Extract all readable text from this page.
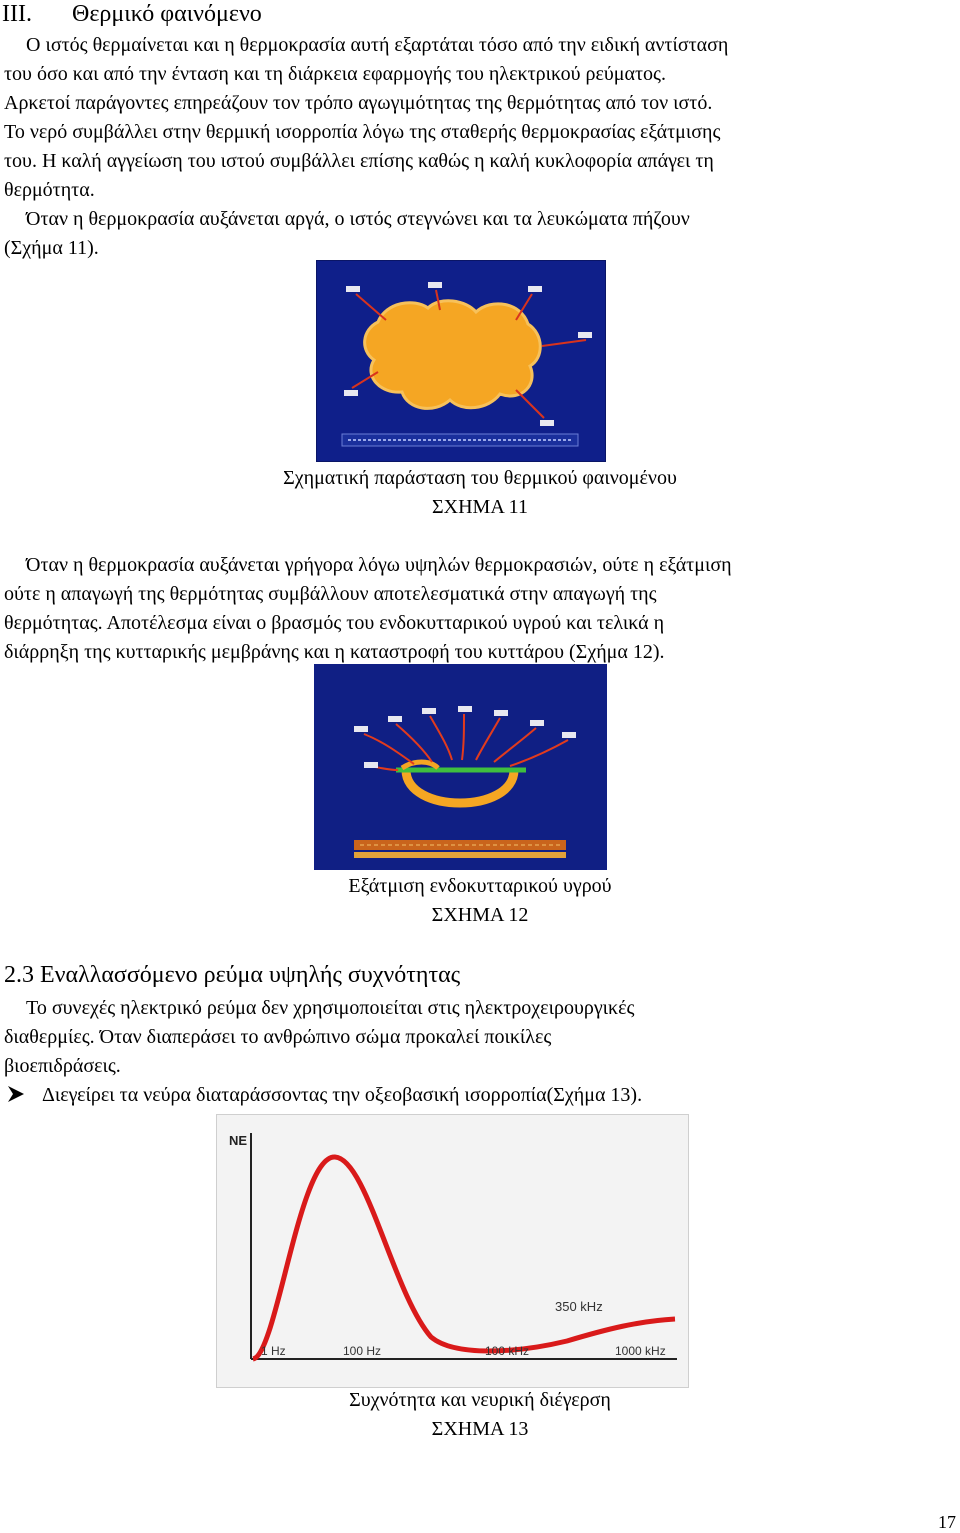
III. Θερμικό φαινόμενο
Ο ιστός θερμαίνεται και η θερμοκρασία αυτή εξαρτάται τόσο από την ειδική αντίσταση
του όσο και από την ένταση και τη διάρκεια εφαρμογής του ηλεκτρικού ρεύματος.
Αρκετοί παράγοντες επηρεάζουν τον τρόπο αγωγιμότητας της θερμότητας από τον ιστό.
Το νερό συμβάλλει στην θερμική ισορροπία λόγω της σταθερής θερμοκρασίας εξάτμισης
του. Η καλή αγγείωση του ιστού συμβάλλει επίσης καθώς η καλή κυκλοφορία απάγει τη
θερμότητα.
Όταν η θερμοκρασία αυξάνεται αργά, ο ιστός στεγνώνει και τα λευκώματα πήζουν
(Σχήμα 11).
Σχηματική παράσταση του θερμικού φαινομένου
ΣΧΗΜΑ 11
Όταν η θερμοκρασία αυξάνεται γρήγορα λόγω υψηλών θερμοκρασιών, ούτε η εξάτμιση
ούτε η απαγωγή της θερμότητας συμβάλλουν αποτελεσματικά στην απαγωγή της
θερμότητας. Αποτέλεσμα είναι ο βρασμός του ενδοκυτταρικού υγρού και τελικά η
διάρρηξη της κυτταρικής μεμβράνης και η καταστροφή του κυττάρου (Σχήμα 12).
Εξάτμιση ενδοκυτταρικού υγρού
ΣΧΗΜΑ 12
2.3 Εναλλασσόμενο ρεύμα υψηλής συχνότητας
Το συνεχές ηλεκτρικό ρεύμα δεν χρησιμοποιείται στις ηλεκτροχειρουργικές
διαθερμίες. Όταν διαπεράσει το ανθρώπινο σώμα προκαλεί ποικίλες
βιοεπιδράσεις.
Διεγείρει τα νεύρα διαταράσσοντας την οξεοβασική ισορροπία(Σχήμα 13).
NE
1 Hz	100 Hz	100 kHz	1000 kHz
350 kHz
Συχνότητα και νευρική διέγερση
ΣΧΗΜΑ 13
17
